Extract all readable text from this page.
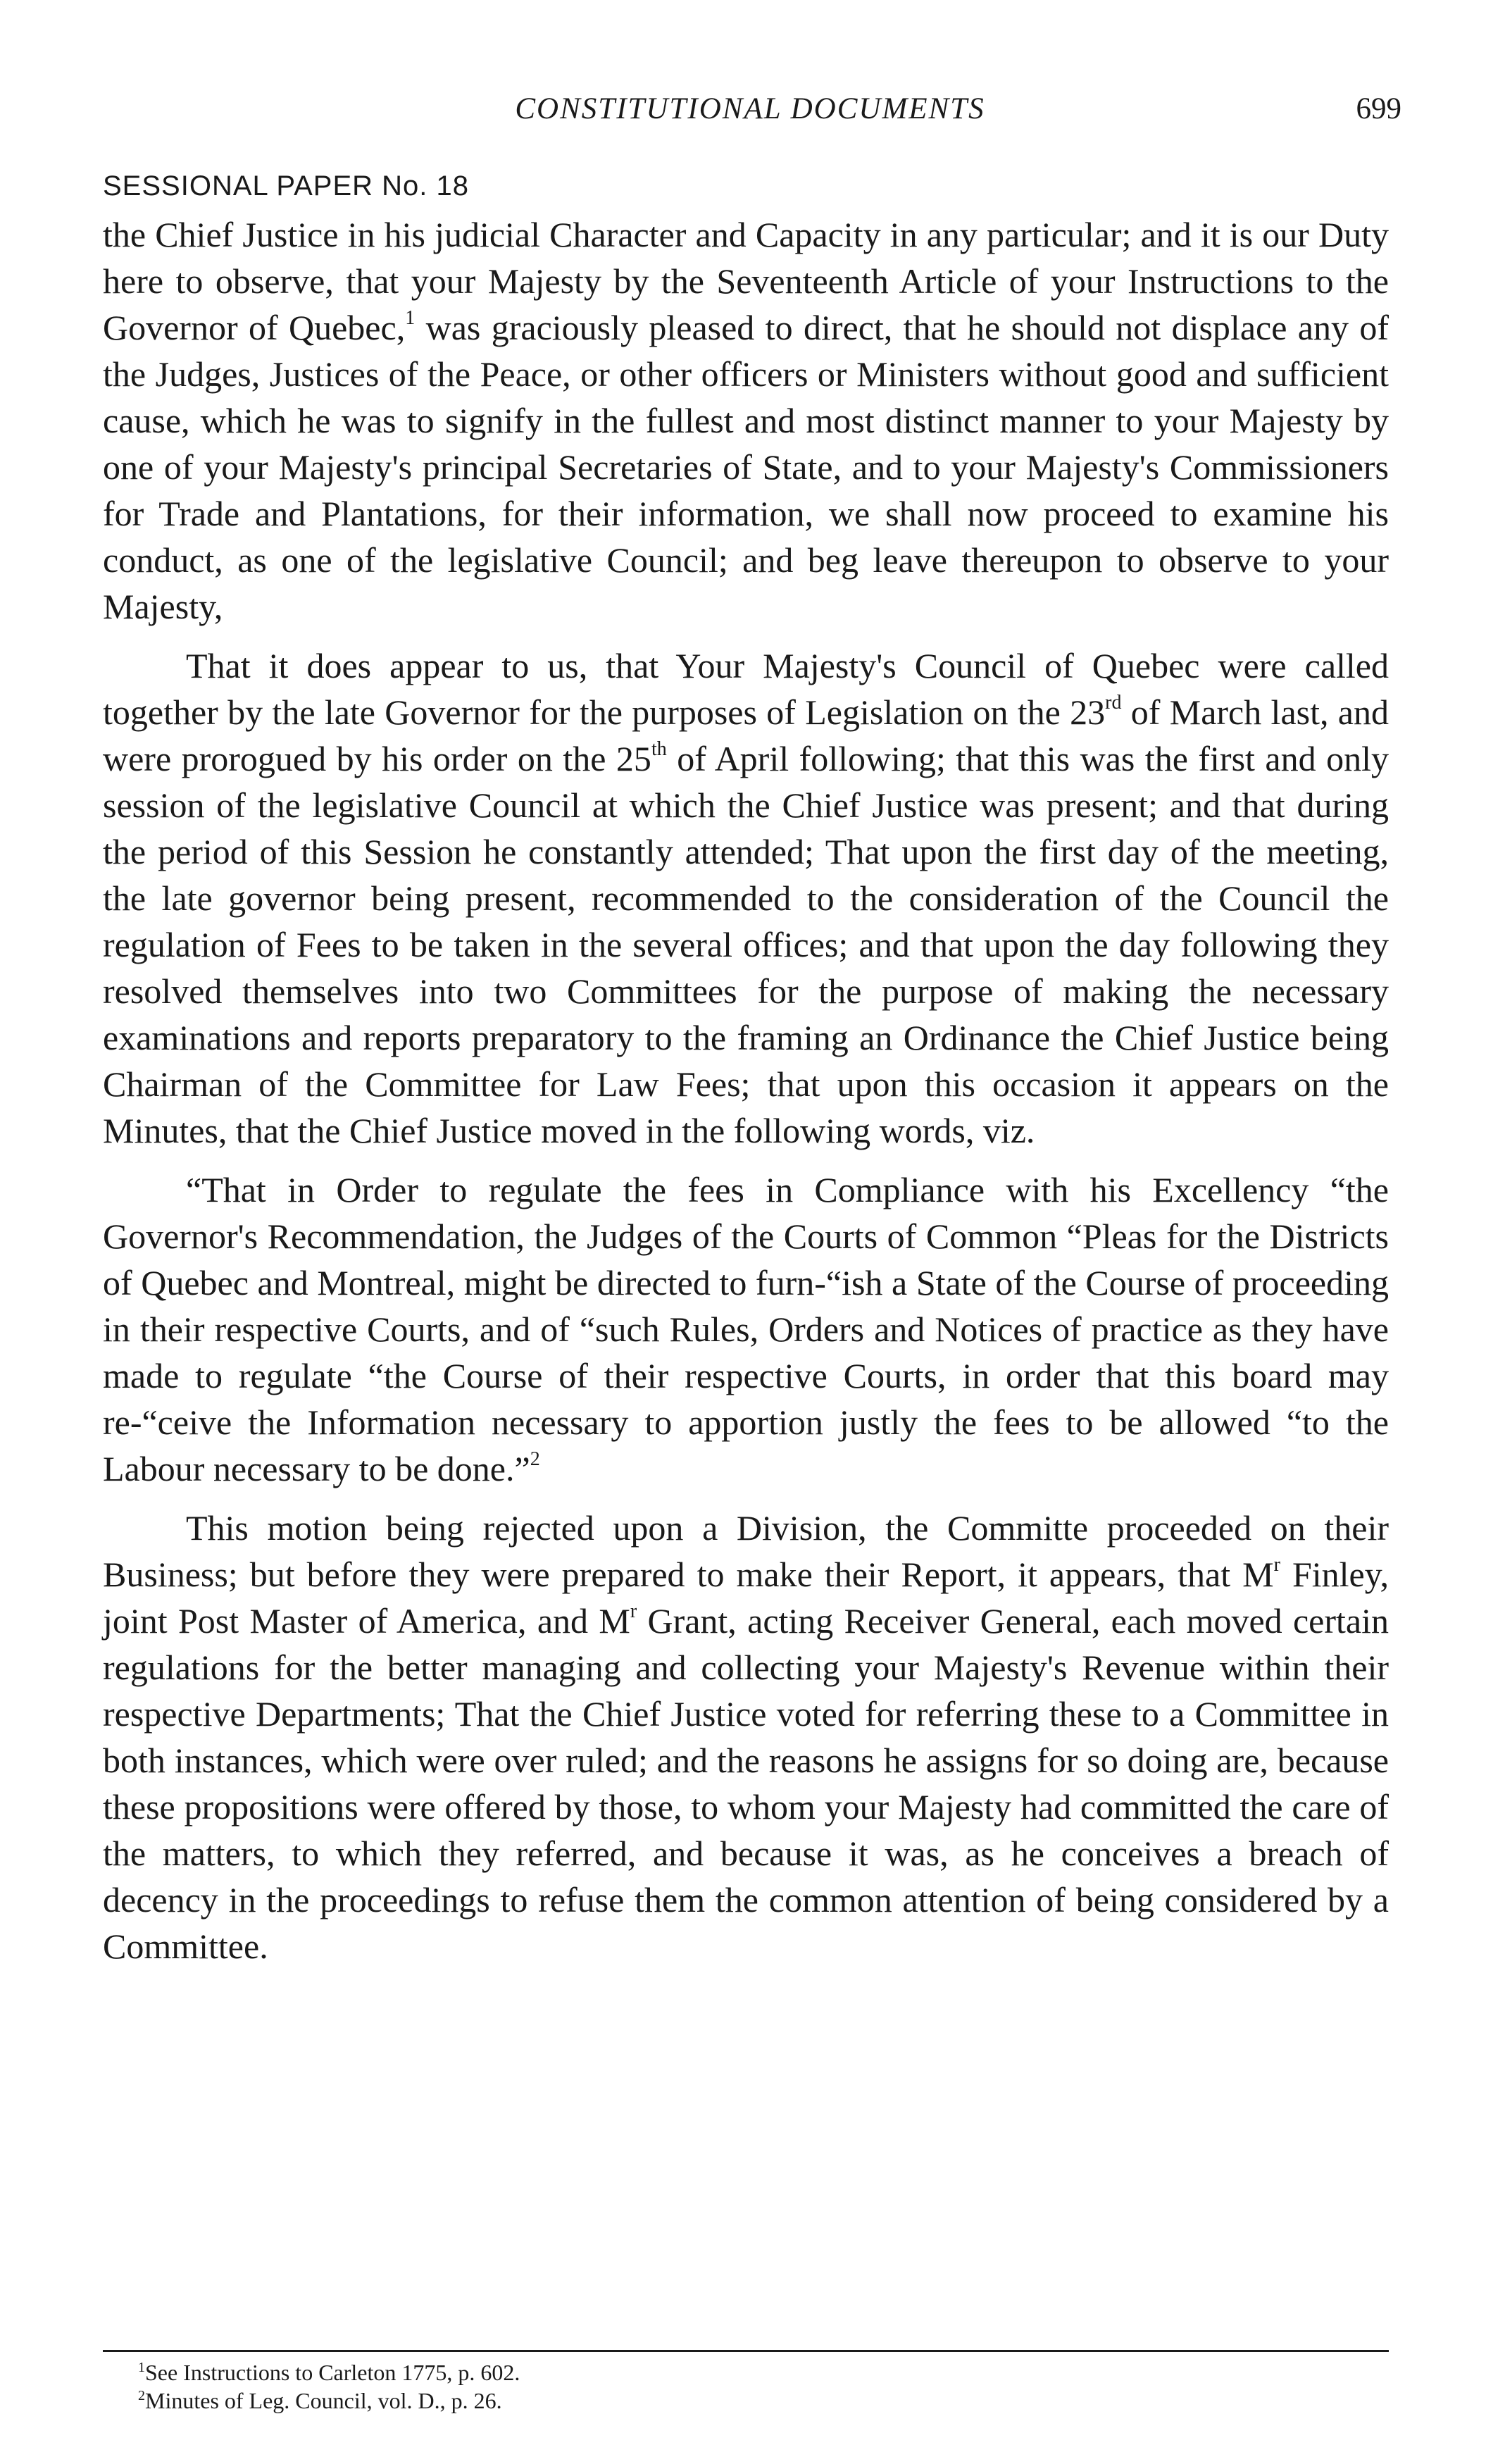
CONSTITUTIONAL DOCUMENTS	699
SESSIONAL PAPER No. 18

the Chief Justice in his judicial Character and Capacity in any particular; and it is our Duty here to observe, that your Majesty by the Seventeenth Article of your Instructions to the Governor of Quebec,$^1$ was graciously pleased to direct, that he should not displace any of the Judges, Justices of the Peace, or other officers or Ministers without good and sufficient cause, which he was to signify in the fullest and most distinct manner to your Majesty by one of your Majesty's principal Secretaries of State, and to your Majesty's Commissioners for Trade and Plantations, for their information, we shall now proceed to examine his conduct, as one of the legislative Council; and beg leave thereupon to observe to your Majesty,

That it does appear to us, that Your Majesty's Council of Quebec were called together by the late Governor for the purposes of Legislation on the 23rd of March last, and were prorogued by his order on the 25th of April following; that this was the first and only session of the legislative Council at which the Chief Justice was present; and that during the period of this Session he constantly attended; That upon the first day of the meeting, the late governor being present, recommended to the consideration of the Council the regulation of Fees to be taken in the several offices; and that upon the day following they resolved themselves into two Committees for the purpose of making the necessary examinations and reports preparatory to the framing an Ordinance the Chief Justice being Chairman of the Committee for Law Fees; that upon this occasion it appears on the Minutes, that the Chief Justice moved in the following words, viz.

“That in Order to regulate the fees in Compliance with his Excellency “the Governor's Recommendation, the Judges of the Courts of Common “Pleas for the Districts of Quebec and Montreal, might be directed to furn-“ish a State of the Course of proceeding in their respective Courts, and of “such Rules, Orders and Notices of practice as they have made to regulate “the Course of their respective Courts, in order that this board may re-“ceive the Information necessary to apportion justly the fees to be allowed “to the Labour necessary to be done.”$^2$

This motion being rejected upon a Division, the Committe proceeded on their Business; but before they were prepared to make their Report, it appears, that $M^r$ Finley, joint Post Master of America, and $M^r$ Grant, acting Receiver General, each moved certain regulations for the better managing and collecting your Majesty's Revenue within their respective Departments; That the Chief Justice voted for referring these to a Committee in both instances, which were over ruled; and the reasons he assigns for so doing are, because these propositions were offered by those, to whom your Majesty had committed the care of the matters, to which they referred, and because it was, as he conceives a breach of decency in the proceedings to refuse them the common attention of being considered by a Committee.

$^1$See Instructions to Carleton 1775, p. 602.
$^2$Minutes of Leg. Council, vol. D., p. 26.
